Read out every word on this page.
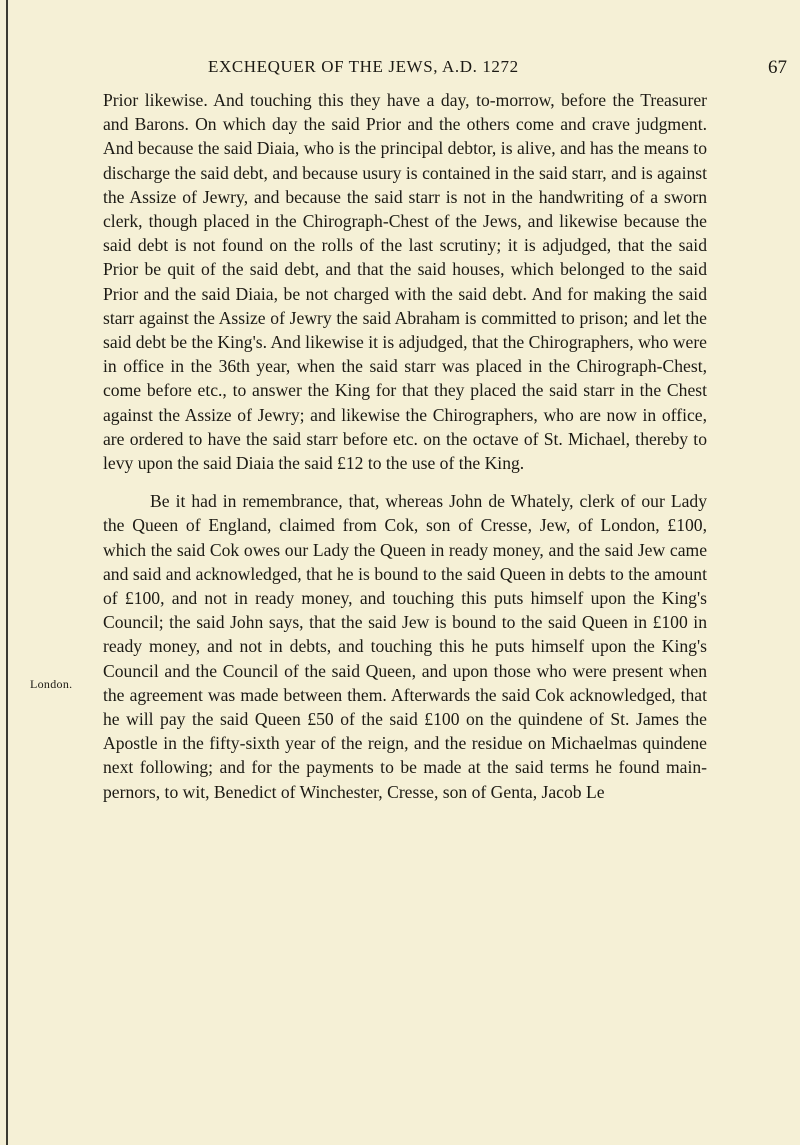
EXCHEQUER OF THE JEWS, A.D. 1272	67
London.

Prior likewise. And touching this they have a day, to-morrow, before the Treasurer and Barons. On which day the said Prior and the others come and crave judgment. And because the said Diaia, who is the principal debtor, is alive, and has the means to discharge the said debt, and because usury is contained in the said starr, and is against the Assize of Jewry, and because the said starr is not in the handwriting of a sworn clerk, though placed in the Chirograph-Chest of the Jews, and likewise because the said debt is not found on the rolls of the last scrutiny; it is adjudged, that the said Prior be quit of the said debt, and that the said houses, which belonged to the said Prior and the said Diaia, be not charged with the said debt. And for making the said starr against the Assize of Jewry the said Abraham is committed to prison; and let the said debt be the King's. And likewise it is adjudged, that the Chirographers, who were in office in the 36th year, when the said starr was placed in the Chirograph-Chest, come before etc., to answer the King for that they placed the said starr in the Chest against the Assize of Jewry; and likewise the Chirographers, who are now in office, are ordered to have the said starr before etc. on the octave of St. Michael, thereby to levy upon the said Diaia the said £12 to the use of the King.

Be it had in remembrance, that, whereas John de Whately, clerk of our Lady the Queen of England, claimed from Cok, son of Cresse, Jew, of London, £100, which the said Cok owes our Lady the Queen in ready money, and the said Jew came and said and acknowledged, that he is bound to the said Queen in debts to the amount of £100, and not in ready money, and touching this puts himself upon the King's Council; the said John says, that the said Jew is bound to the said Queen in £100 in ready money, and not in debts, and touching this he puts himself upon the King's Council and the Council of the said Queen, and upon those who were present when the agreement was made between them. Afterwards the said Cok acknowledged, that he will pay the said Queen £50 of the said £100 on the quindene of St. James the Apostle in the fifty-sixth year of the reign, and the residue on Michaelmas quindene next following; and for the payments to be made at the said terms he found main-pernors, to wit, Benedict of Winchester, Cresse, son of Genta, Jacob Le
